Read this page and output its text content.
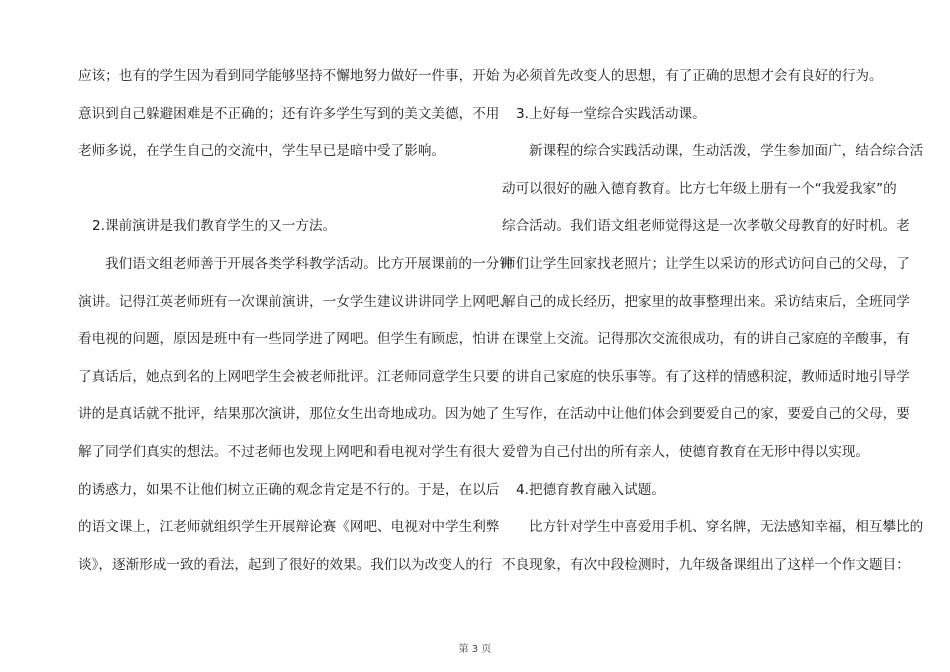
应该；也有的学生因为看到同学能够坚持不懈地努力做好一件事，开始
意识到自己躲避困难是不正确的；还有许多学生写到的美文美德，不用
老师多说，在学生自己的交流中，学生早已是暗中受了影响。
2.课前演讲是我们教育学生的又一方法。
我们语文组老师善于开展各类学科教学活动。比方开展课前的一分钟
演讲。记得江英老师班有一次课前演讲，一女学生建议讲讲同学上网吧、
看电视的问题，原因是班中有一些同学进了网吧。但学生有顾虑，怕讲
了真话后，她点到名的上网吧学生会被老师批评。江老师同意学生只要
讲的是真话就不批评，结果那次演讲，那位女生出奇地成功。因为她了
解了同学们真实的想法。不过老师也发现上网吧和看电视对学生有很大
的诱惑力，如果不让他们树立正确的观念肯定是不行的。于是，在以后
的语文课上，江老师就组织学生开展辩论赛《网吧、电视对中学生利弊
谈》，逐渐形成一致的看法，起到了很好的效果。我们以为改变人的行
为必须首先改变人的思想，有了正确的思想才会有良好的行为。
3.上好每一堂综合实践活动课。
新课程的综合实践活动课，生动活泼，学生参加面广，结合综合活
动可以很好的融入德育教育。比方七年级上册有一个“我爱我家”的
综合活动。我们语文组老师觉得这是一次孝敬父母教育的好时机。老
师们让学生回家找老照片；让学生以采访的形式访问自己的父母，了
解自己的成长经历，把家里的故事整理出来。采访结束后，全班同学
在课堂上交流。记得那次交流很成功，有的讲自己家庭的辛酸事，有
的讲自己家庭的快乐事等。有了这样的情感积淀，教师适时地引导学
生写作，在活动中让他们体会到要爱自己的家，要爱自己的父母，要
爱曾为自己付出的所有亲人，使德育教育在无形中得以实现。
4.把德育教育融入试题。
比方针对学生中喜爱用手机、穿名牌，无法感知幸福，相互攀比的
不良现象，有次中段检测时，九年级备课组出了这样一个作文题目：
第 3 页
